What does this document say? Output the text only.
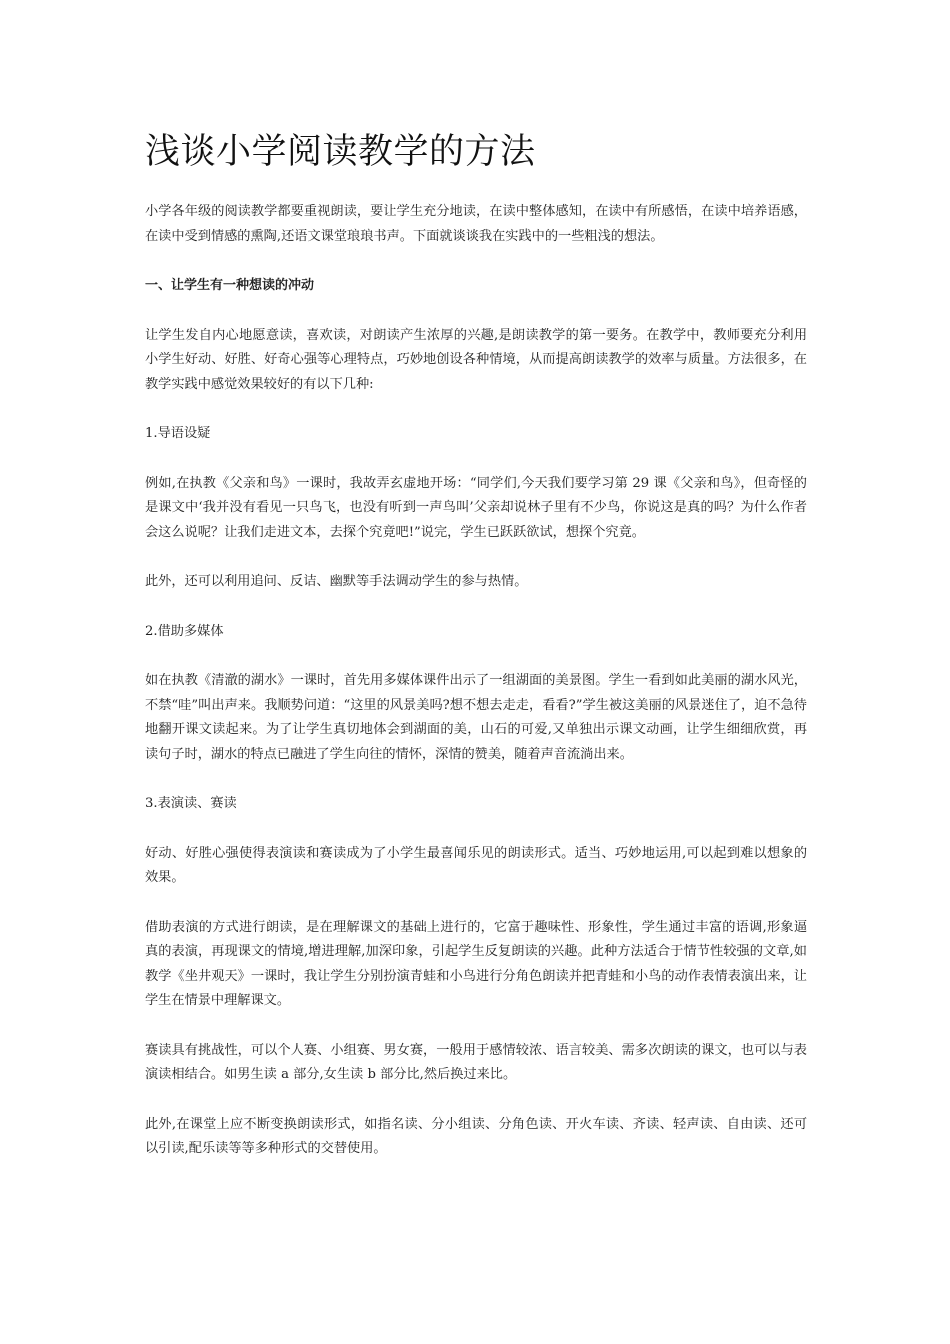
浅谈小学阅读教学的方法

小学各年级的阅读教学都要重视朗读，要让学生充分地读，在读中整体感知，在读中有所感悟，在读中培养语感，在读中受到情感的熏陶,还语文课堂琅琅书声。下面就谈谈我在实践中的一些粗浅的想法。

一、让学生有一种想读的冲动

让学生发自内心地愿意读，喜欢读，对朗读产生浓厚的兴趣,是朗读教学的第一要务。在教学中，教师要充分利用小学生好动、好胜、好奇心强等心理特点，巧妙地创设各种情境，从而提高朗读教学的效率与质量。方法很多，在教学实践中感觉效果较好的有以下几种:

1.导语设疑

例如,在执教《父亲和鸟》一课时，我故弄玄虚地开场：“同学们,今天我们要学习第 29 课《父亲和鸟》，但奇怪的是课文中‘我并没有看见一只鸟飞，也没有听到一声鸟叫’父亲却说林子里有不少鸟，你说这是真的吗？为什么作者会这么说呢？让我们走进文本，去探个究竟吧!”说完，学生已跃跃欲试，想探个究竟。

此外，还可以利用追问、反诘、幽默等手法调动学生的参与热情。

2.借助多媒体

如在执教《清澈的湖水》一课时，首先用多媒体课件出示了一组湖面的美景图。学生一看到如此美丽的湖水风光，不禁“哇”叫出声来。我顺势问道：“这里的风景美吗?想不想去走走，看看?”学生被这美丽的风景迷住了，迫不急待地翻开课文读起来。为了让学生真切地体会到湖面的美，山石的可爱,又单独出示课文动画，让学生细细欣赏，再读句子时，湖水的特点已融进了学生向往的情怀，深情的赞美，随着声音流淌出来。

3.表演读、赛读

好动、好胜心强使得表演读和赛读成为了小学生最喜闻乐见的朗读形式。适当、巧妙地运用,可以起到难以想象的效果。

借助表演的方式进行朗读，是在理解课文的基础上进行的，它富于趣味性、形象性，学生通过丰富的语调,形象逼真的表演，再现课文的情境,增进理解,加深印象，引起学生反复朗读的兴趣。此种方法适合于情节性较强的文章,如教学《坐井观天》一课时，我让学生分别扮演青蛙和小鸟进行分角色朗读并把青蛙和小鸟的动作表情表演出来，让学生在情景中理解课文。

赛读具有挑战性，可以个人赛、小组赛、男女赛，一般用于感情较浓、语言较美、需多次朗读的课文，也可以与表演读相结合。如男生读 a 部分,女生读 b 部分比,然后换过来比。

此外,在课堂上应不断变换朗读形式，如指名读、分小组读、分角色读、开火车读、齐读、轻声读、自由读、还可以引读,配乐读等等多种形式的交替使用。
